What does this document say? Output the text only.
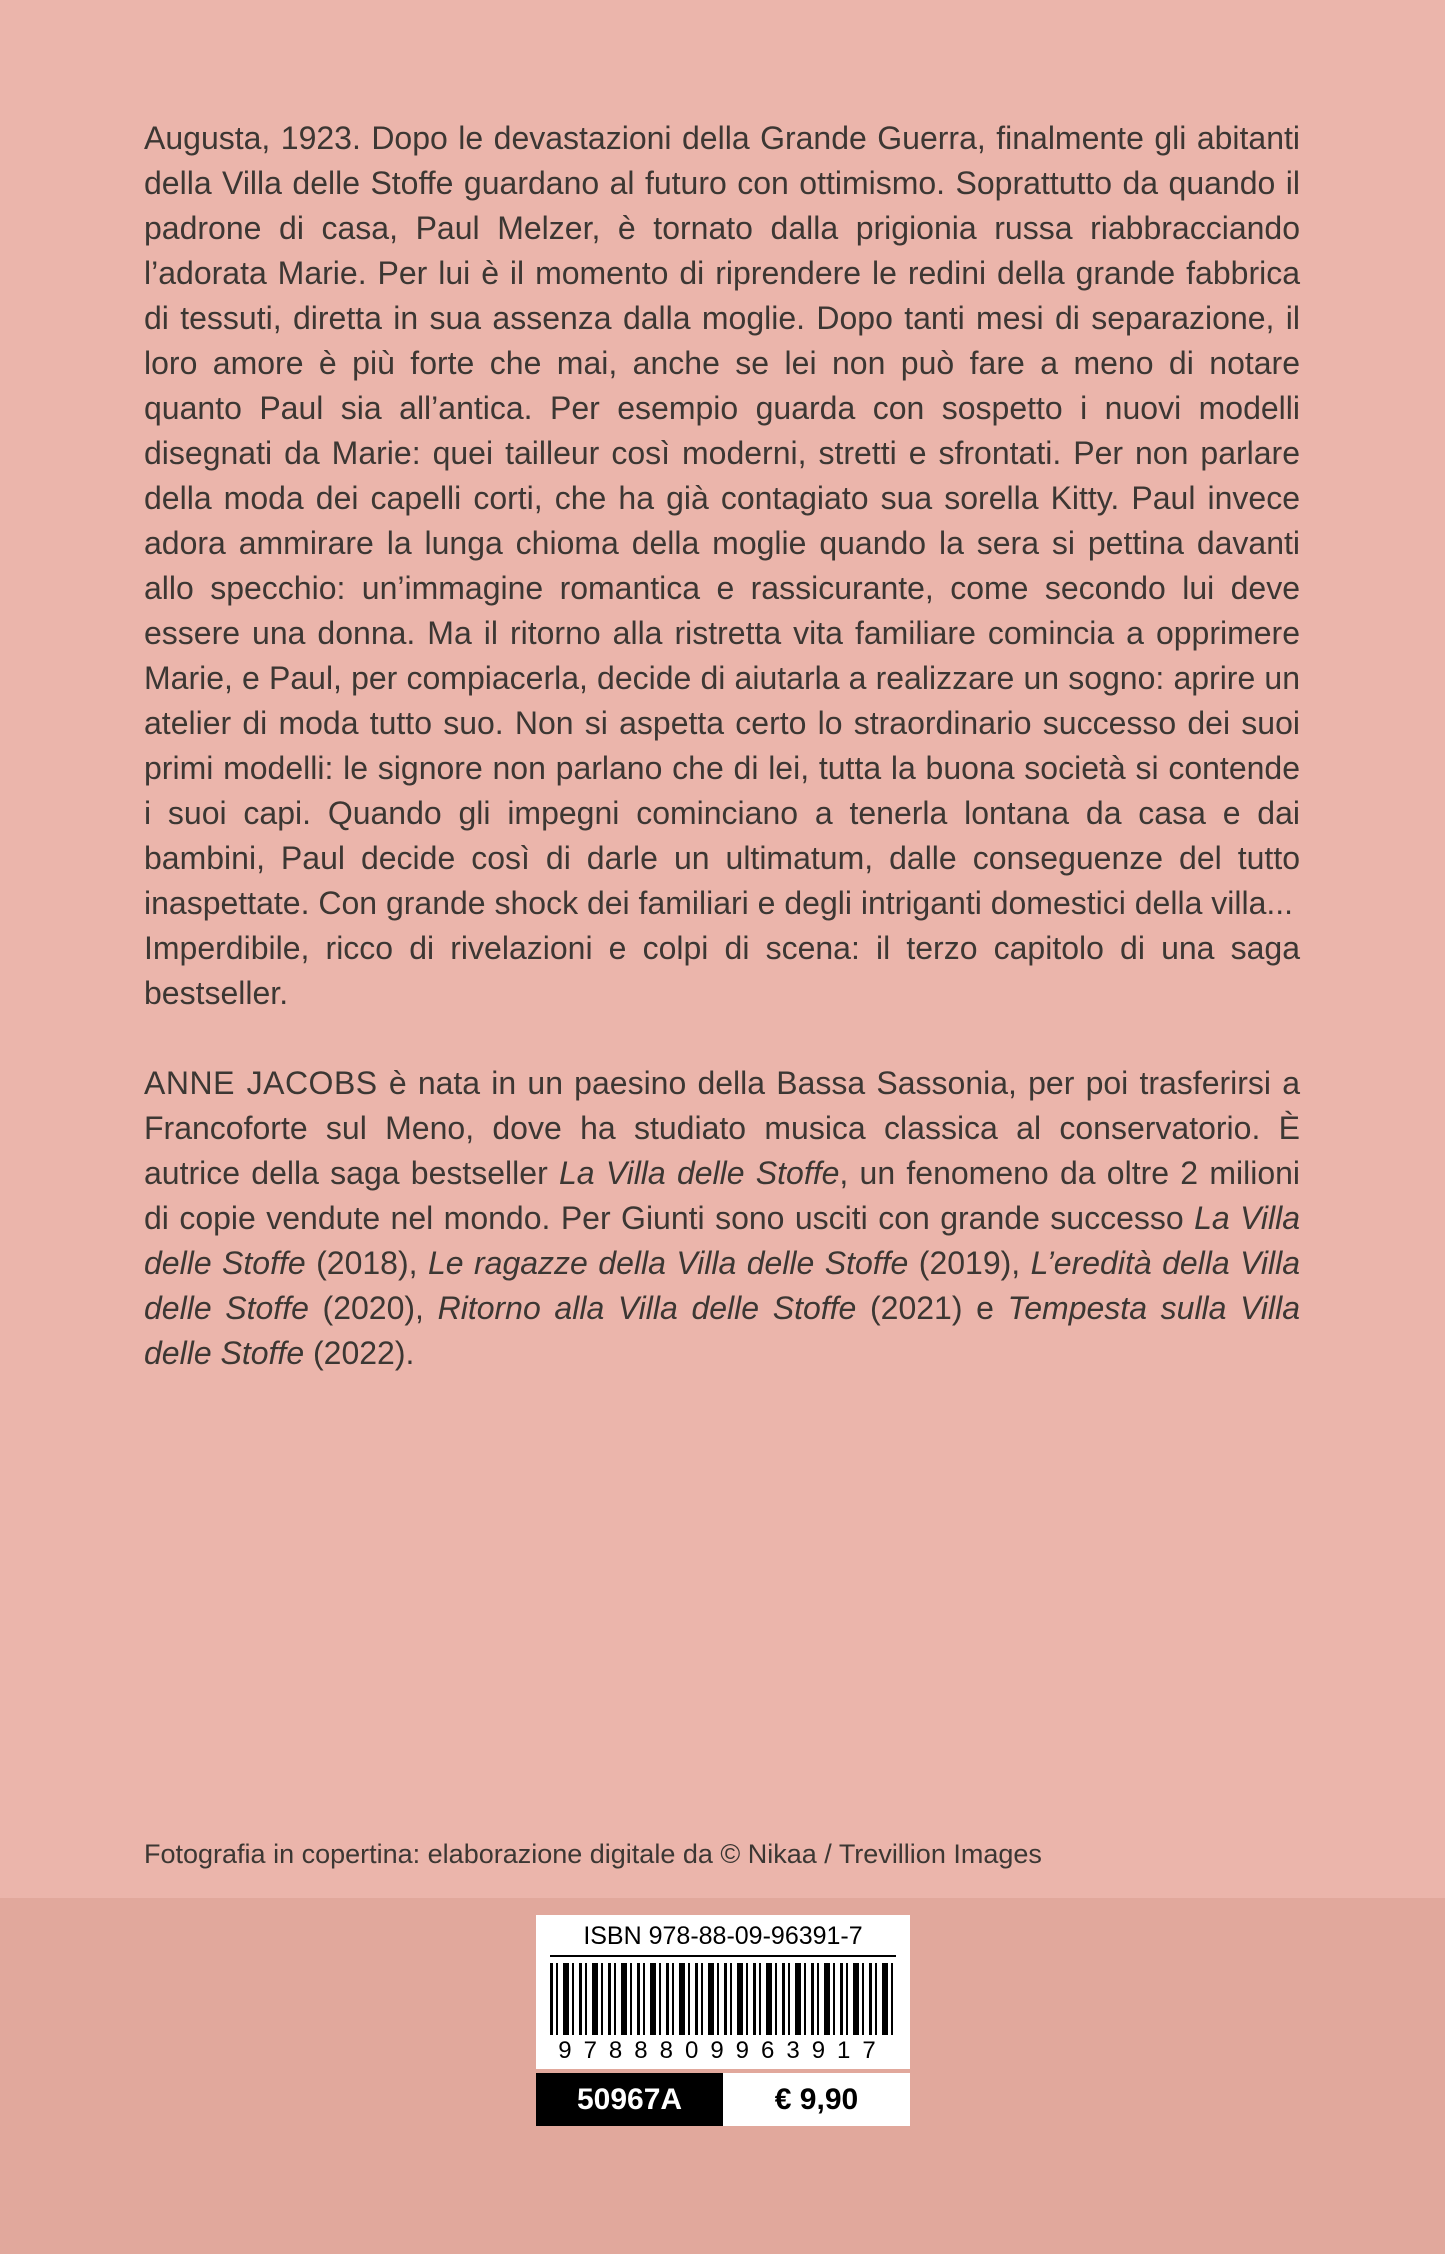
Augusta, 1923. Dopo le devastazioni della Grande Guerra, finalmente gli abitanti della Villa delle Stoffe guardano al futuro con ottimismo. Soprattutto da quando il padrone di casa, Paul Melzer, è tornato dalla prigionia russa riabbracciando l’adorata Marie. Per lui è il momento di riprendere le redini della grande fabbrica di tessuti, diretta in sua assenza dalla moglie. Dopo tanti mesi di separazione, il loro amore è più forte che mai, anche se lei non può fare a meno di notare quanto Paul sia all’antica. Per esempio guarda con sospetto i nuovi modelli disegnati da Marie: quei tailleur così moderni, stretti e sfrontati. Per non parlare della moda dei capelli corti, che ha già contagiato sua sorella Kitty. Paul invece adora ammirare la lunga chioma della moglie quando la sera si pettina davanti allo specchio: un’immagine romantica e rassicurante, come secondo lui deve essere una donna. Ma il ritorno alla ristretta vita familiare comincia a opprimere Marie, e Paul, per compiacerla, decide di aiutarla a realizzare un sogno: aprire un atelier di moda tutto suo. Non si aspetta certo lo straordinario successo dei suoi primi modelli: le signore non parlano che di lei, tutta la buona società si contende i suoi capi. Quando gli impegni cominciano a tenerla lontana da casa e dai bambini, Paul decide così di darle un ultimatum, dalle conseguenze del tutto inaspettate. Con grande shock dei familiari e degli intriganti domestici della villa...

Imperdibile, ricco di rivelazioni e colpi di scena: il terzo capitolo di una saga bestseller.

ANNE JACOBS è nata in un paesino della Bassa Sassonia, per poi trasferirsi a Francoforte sul Meno, dove ha studiato musica classica al conservatorio. È autrice della saga bestseller La Villa delle Stoffe, un fenomeno da oltre 2 milioni di copie vendute nel mondo. Per Giunti sono usciti con grande successo La Villa delle Stoffe (2018), Le ragazze della Villa delle Stoffe (2019), L’eredità della Villa delle Stoffe (2020), Ritorno alla Villa delle Stoffe (2021) e Tempesta sulla Villa delle Stoffe (2022).

Fotografia in copertina: elaborazione digitale da © Nikaa / Trevillion Images
ISBN 978-88-09-96391-7
9788809963917
50967A	€ 9,90
